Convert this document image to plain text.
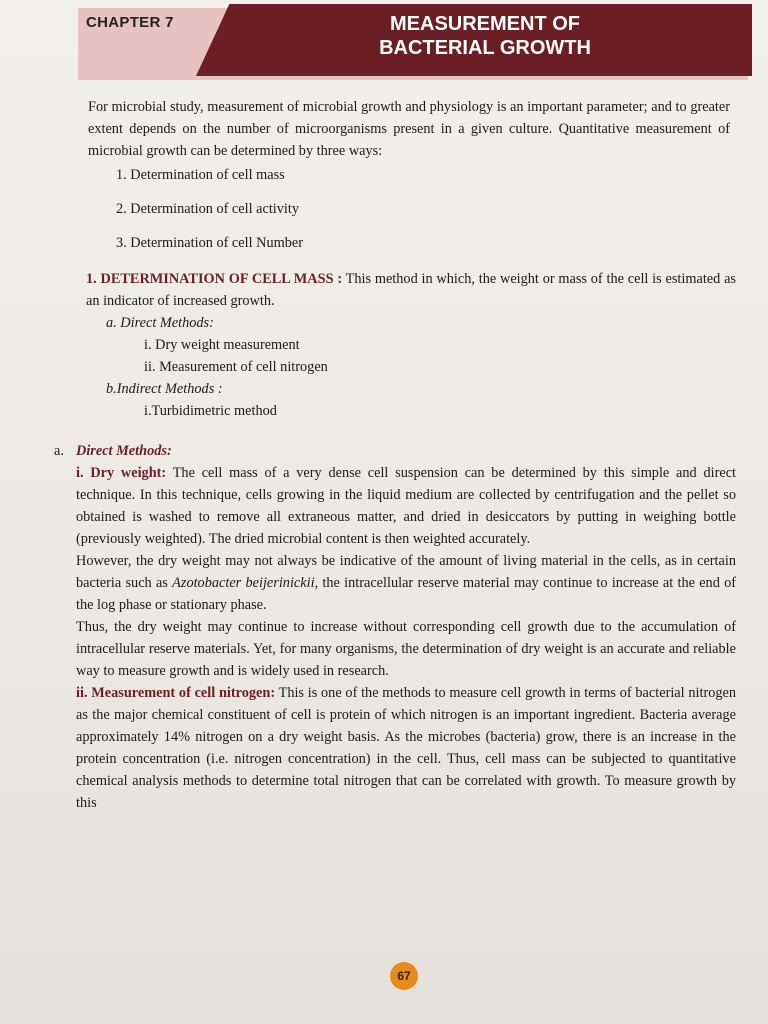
CHAPTER 7	MEASUREMENT OF
BACTERIAL GROWTH

For microbial study, measurement of microbial growth and physiology is an important parameter; and to greater extent depends on the number of microorganisms present in a given culture. Quantitative measurement of microbial growth can be determined by three ways:

1. Determination of cell mass
2. Determination of cell activity
3. Determination of cell Number

1. DETERMINATION OF CELL MASS : This method in which, the weight or mass of the cell is estimated as an indicator of increased growth.

a. Direct Methods:
i. Dry weight measurement
ii. Measurement of cell nitrogen
b.Indirect Methods :
i.Turbidimetric method
a. Direct Methods:

i. Dry weight: The cell mass of a very dense cell suspension can be determined by this simple and direct technique. In this technique, cells growing in the liquid medium are collected by centrifugation and the pellet so obtained is washed to remove all extraneous matter, and dried in desiccators by putting in weighing bottle (previously weighted). The dried microbial content is then weighted accurately.

However, the dry weight may not always be indicative of the amount of living material in the cells, as in certain bacteria such as Azotobacter beijerinickii, the intracellular reserve material may continue to increase at the end of the log phase or stationary phase.

Thus, the dry weight may continue to increase without corresponding cell growth due to the accumulation of intracellular reserve materials. Yet, for many organisms, the determination of dry weight is an accurate and reliable way to measure growth and is widely used in research.

ii. Measurement of cell nitrogen: This is one of the methods to measure cell growth in terms of bacterial nitrogen as the major chemical constituent of cell is protein of which nitrogen is an important ingredient. Bacteria average approximately 14% nitrogen on a dry weight basis. As the microbes (bacteria) grow, there is an increase in the protein concentration (i.e. nitrogen concentration) in the cell. Thus, cell mass can be subjected to quantitative chemical analysis methods to determine total nitrogen that can be correlated with growth. To measure growth by this

67
